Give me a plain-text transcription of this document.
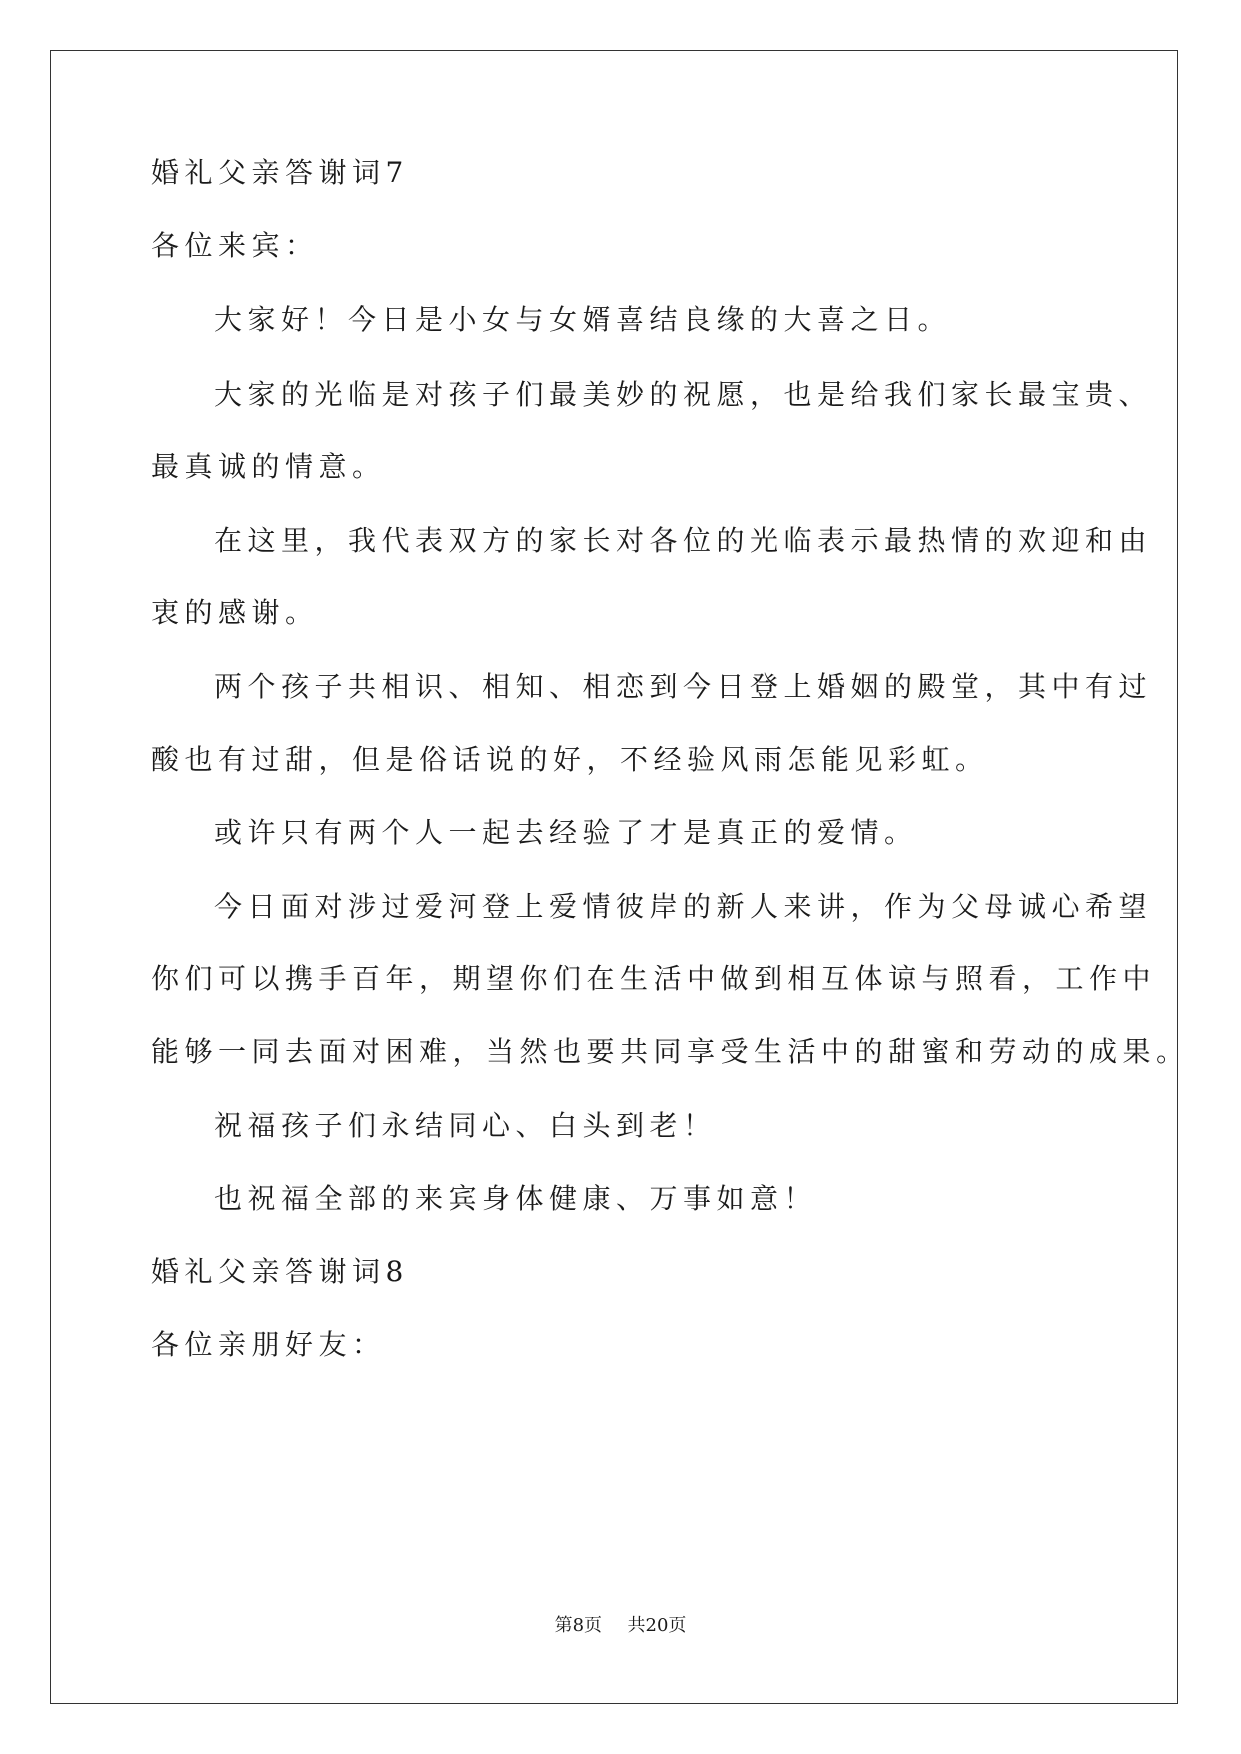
婚礼父亲答谢词7
各位来宾：
大家好！今日是小女与女婿喜结良缘的大喜之日。
大家的光临是对孩子们最美妙的祝愿，也是给我们家长最宝贵、
最真诚的情意。
在这里，我代表双方的家长对各位的光临表示最热情的欢迎和由
衷的感谢。
两个孩子共相识、相知、相恋到今日登上婚姻的殿堂，其中有过
酸也有过甜，但是俗话说的好，不经验风雨怎能见彩虹。
或许只有两个人一起去经验了才是真正的爱情。
今日面对涉过爱河登上爱情彼岸的新人来讲，作为父母诚心希望
你们可以携手百年，期望你们在生活中做到相互体谅与照看，工作中
能够一同去面对困难，当然也要共同享受生活中的甜蜜和劳动的成果。
祝福孩子们永结同心、白头到老！
也祝福全部的来宾身体健康、万事如意！
婚礼父亲答谢词8
各位亲朋好友：
第8页 共20页
